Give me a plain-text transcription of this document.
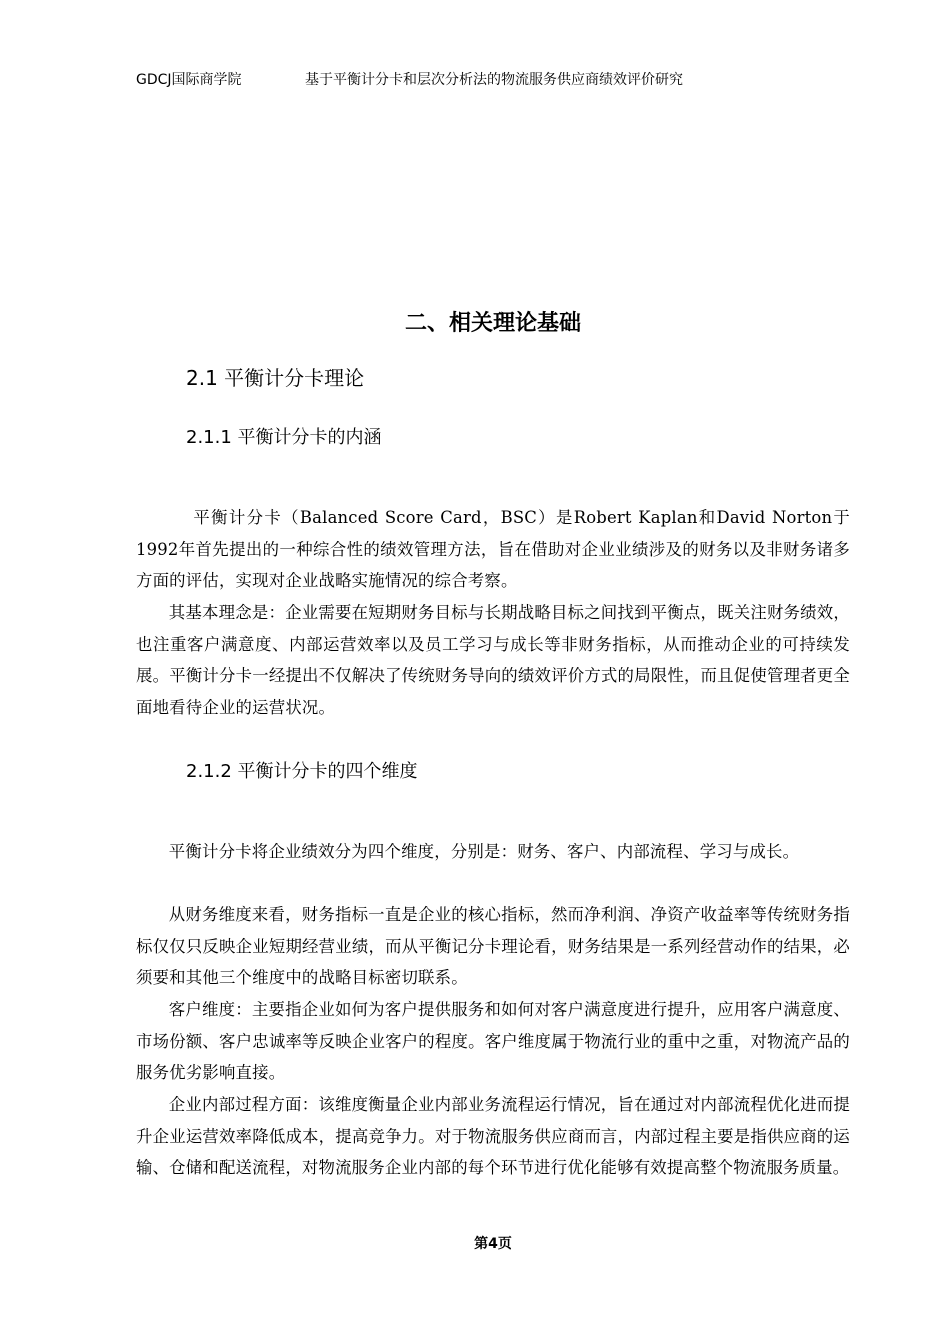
GDCJ国际商学院	基于平衡计分卡和层次分析法的物流服务供应商绩效评价研究
二、相关理论基础
2.1 平衡计分卡理论
2.1.1 平衡计分卡的内涵

平衡计分卡（Balanced Score Card，BSC）是Robert Kaplan和David Norton于1992年首先提出的一种综合性的绩效管理方法，旨在借助对企业业绩涉及的财务以及非财务诸多方面的评估，实现对企业战略实施情况的综合考察。

其基本理念是：企业需要在短期财务目标与长期战略目标之间找到平衡点，既关注财务绩效，也注重客户满意度、内部运营效率以及员工学习与成长等非财务指标，从而推动企业的可持续发展。平衡计分卡一经提出不仅解决了传统财务导向的绩效评价方式的局限性，而且促使管理者更全面地看待企业的运营状况。

2.1.2 平衡计分卡的四个维度

平衡计分卡将企业绩效分为四个维度，分别是：财务、客户、内部流程、学习与成长。

从财务维度来看，财务指标一直是企业的核心指标，然而净利润、净资产收益率等传统财务指标仅仅只反映企业短期经营业绩，而从平衡记分卡理论看，财务结果是一系列经营动作的结果，必须要和其他三个维度中的战略目标密切联系。

客户维度：主要指企业如何为客户提供服务和如何对客户满意度进行提升，应用客户满意度、市场份额、客户忠诚率等反映企业客户的程度。客户维度属于物流行业的重中之重，对物流产品的服务优劣影响直接。

企业内部过程方面：该维度衡量企业内部业务流程运行情况，旨在通过对内部流程优化进而提升企业运营效率降低成本，提高竞争力。对于物流服务供应商而言，内部过程主要是指供应商的运输、仓储和配送流程，对物流服务企业内部的每个环节进行优化能够有效提高整个物流服务质量。

第4页
